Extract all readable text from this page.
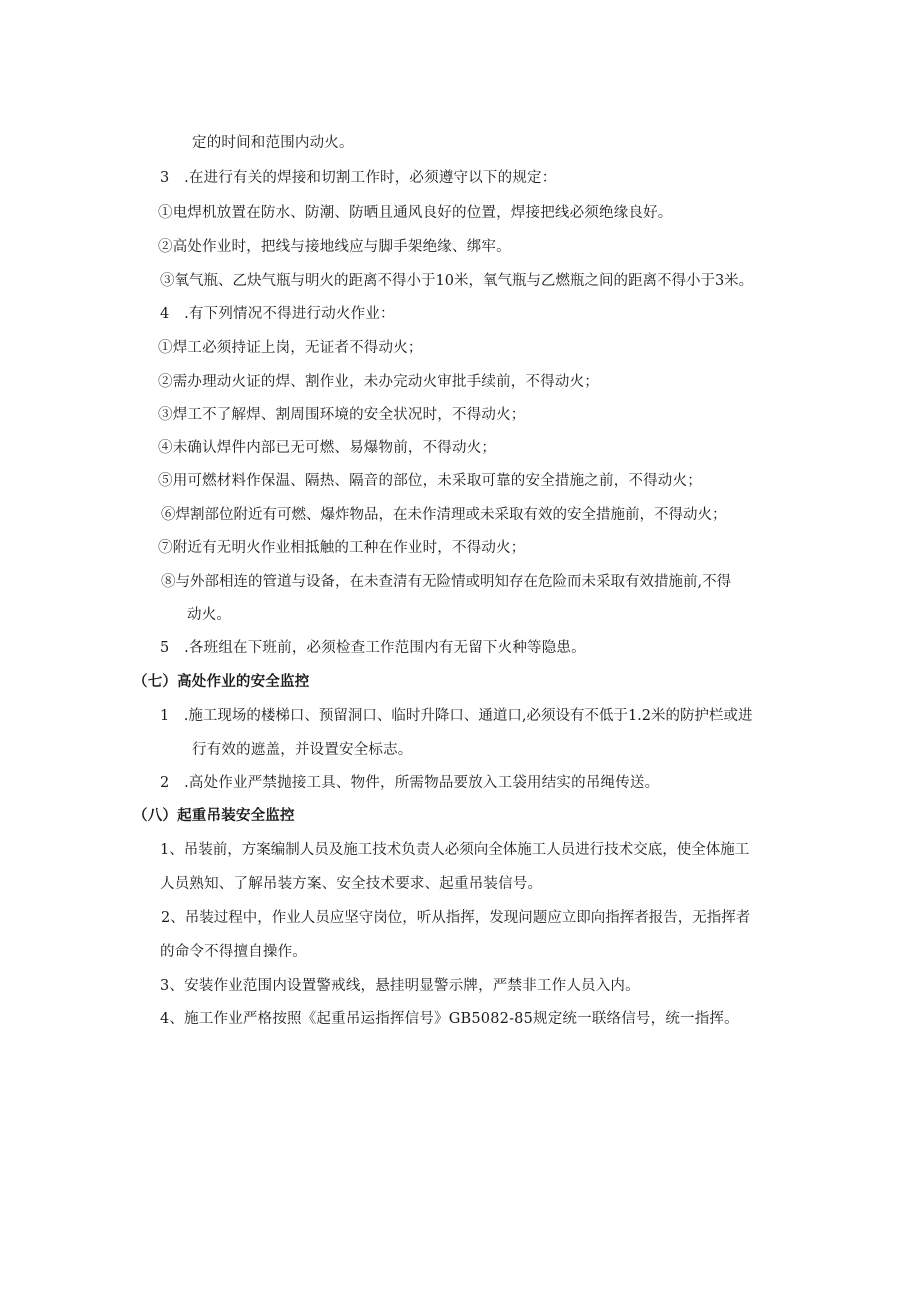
定的时间和范围内动火。
3　.在进行有关的焊接和切割工作时，必须遵守以下的规定：
①电焊机放置在防水、防潮、防晒且通风良好的位置，焊接把线必须绝缘良好。
②高处作业时，把线与接地线应与脚手架绝缘、绑牢。
③氧气瓶、乙炔气瓶与明火的距离不得小于10米，氧气瓶与乙燃瓶之间的距离不得小于3米。
4　.有下列情况不得进行动火作业：
①焊工必须持证上岗，无证者不得动火；
②需办理动火证的焊、割作业，未办完动火审批手续前，不得动火；
③焊工不了解焊、割周围环境的安全状况时，不得动火；
④未确认焊件内部已无可燃、易爆物前，不得动火；
⑤用可燃材料作保温、隔热、隔音的部位，未采取可靠的安全措施之前，不得动火；
⑥焊割部位附近有可燃、爆炸物品，在未作清理或未采取有效的安全措施前，不得动火；
⑦附近有无明火作业相抵触的工种在作业时，不得动火；
⑧与外部相连的管道与设备，在未查清有无险情或明知存在危险而未采取有效措施前,不得
动火。
5　.各班组在下班前，必须检查工作范围内有无留下火种等隐患。
（七）高处作业的安全监控
1　.施工现场的楼梯口、预留洞口、临时升降口、通道口,必须设有不低于1.2米的防护栏或进
行有效的遮盖，并设置安全标志。
2　.高处作业严禁抛接工具、物件，所需物品要放入工袋用结实的吊绳传送。
（八）起重吊装安全监控
1、吊装前，方案编制人员及施工技术负责人必须向全体施工人员进行技术交底，使全体施工
人员熟知、了解吊装方案、安全技术要求、起重吊装信号。
2、吊装过程中，作业人员应坚守岗位，听从指挥，发现问题应立即向指挥者报告，无指挥者
的命令不得擅自操作。
3、安装作业范围内设置警戒线，悬挂明显警示牌，严禁非工作人员入内。
4、施工作业严格按照《起重吊运指挥信号》GB5082-85规定统一联络信号，统一指挥。
